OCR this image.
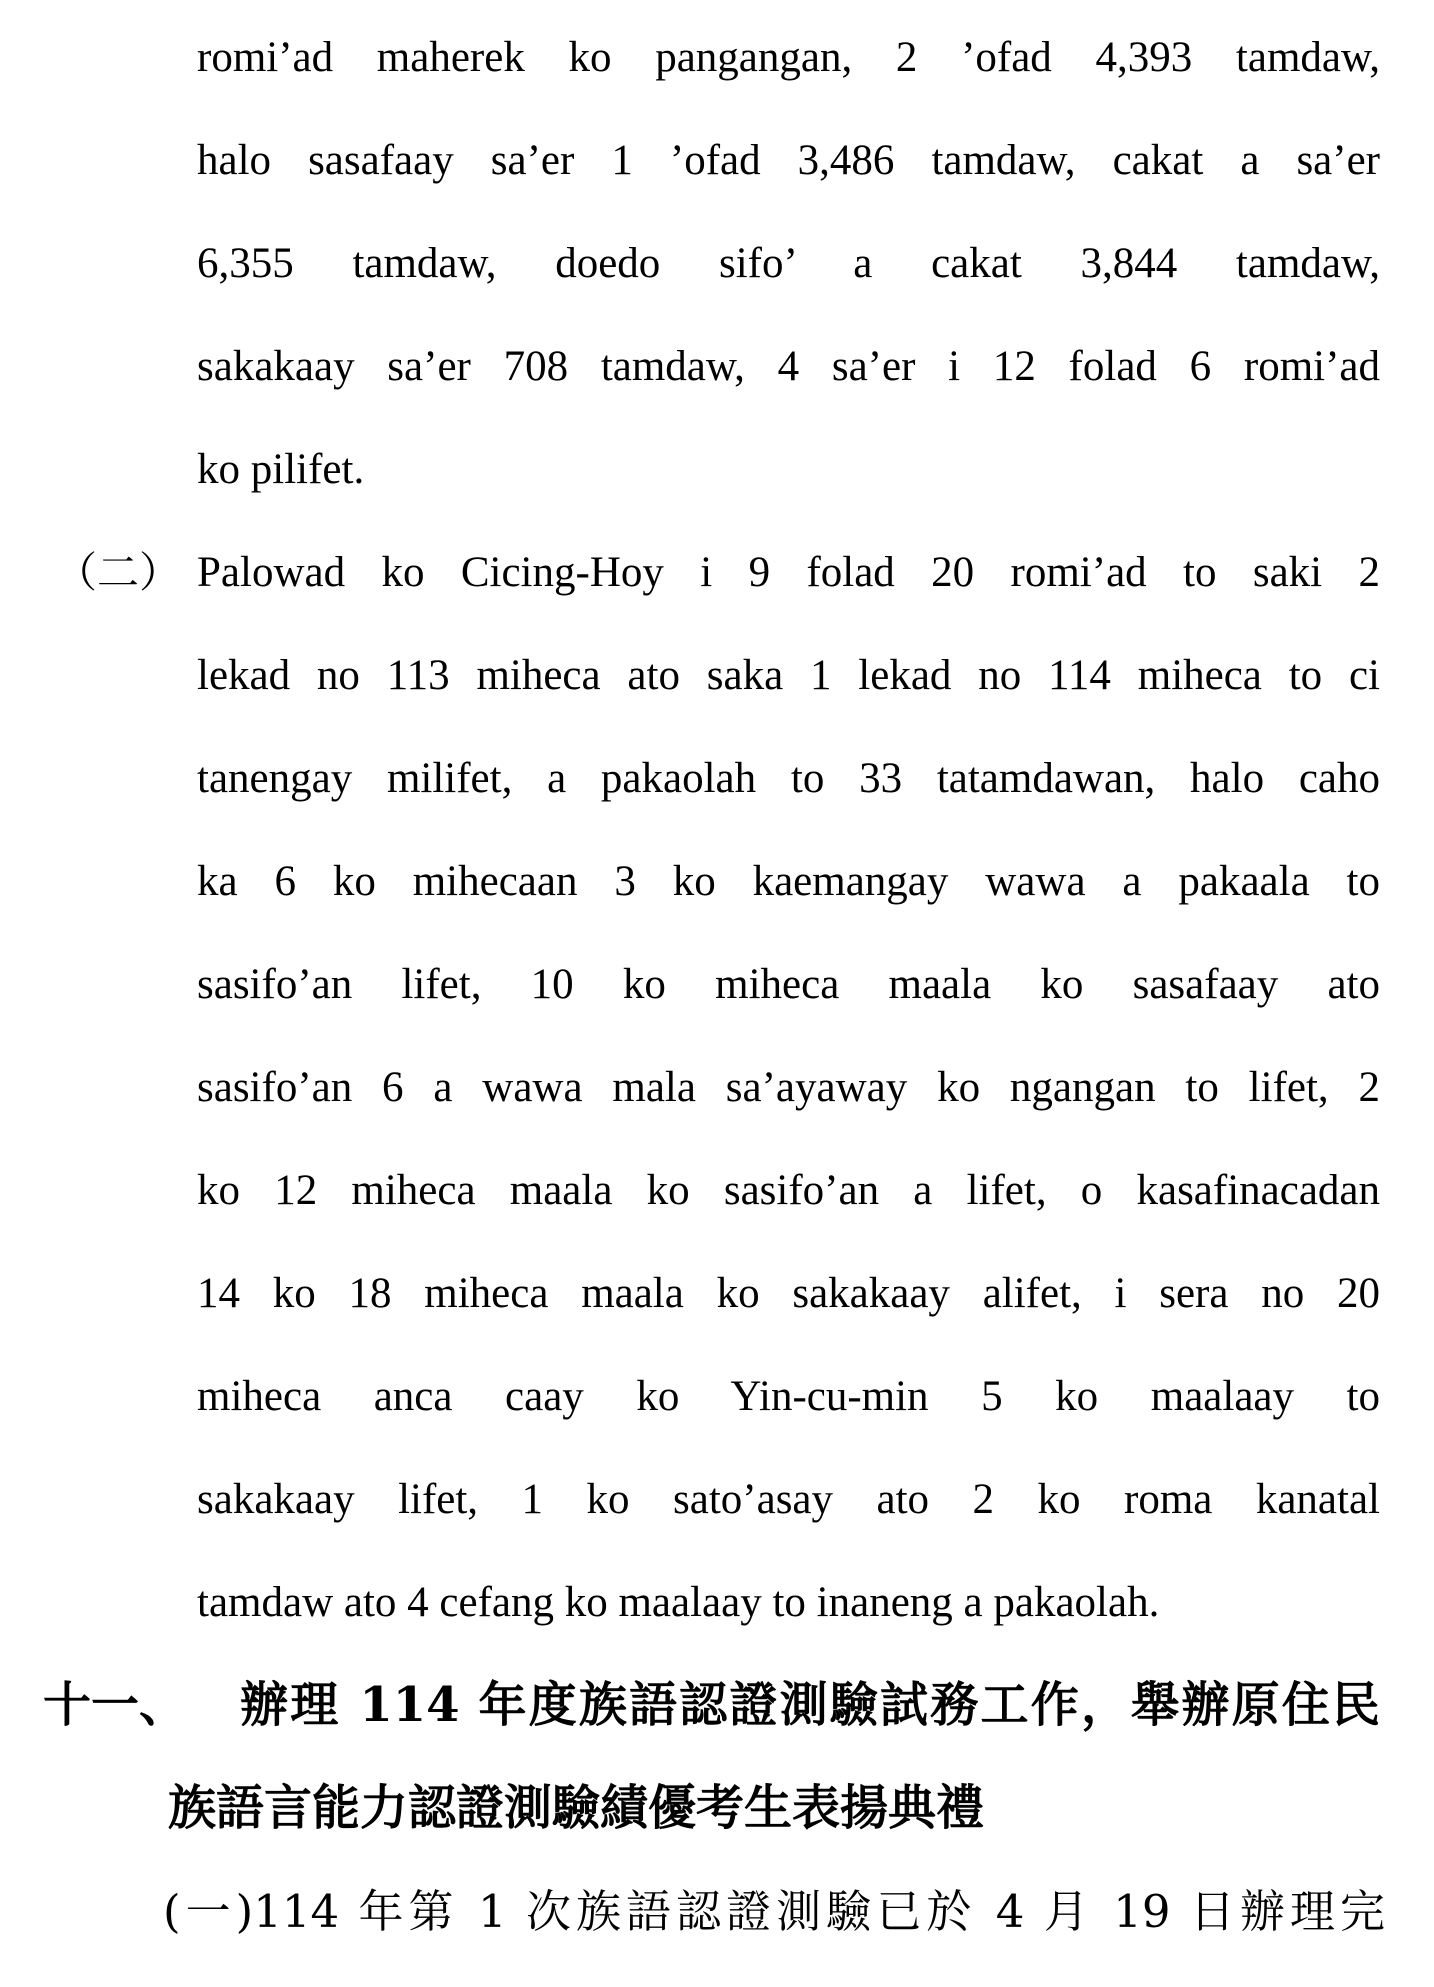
romi’ad maherek ko pangangan, 2 ’ofad 4,393 tamdaw,
halo sasafaay sa’er 1 ’ofad 3,486 tamdaw, cakat a sa’er
6,355 tamdaw, doedo sifo’ a cakat 3,844 tamdaw,
sakakaay sa’er 708 tamdaw, 4 sa’er i 12 folad 6 romi’ad
ko pilifet.
（二） Palowad ko Cicing-Hoy i 9 folad 20 romi’ad to saki 2
lekad no 113 miheca ato saka 1 lekad no 114 miheca to ci
tanengay milifet, a pakaolah to 33 tatamdawan, halo caho
ka 6 ko mihecaan 3 ko kaemangay wawa a pakaala to
sasifo’an lifet, 10 ko miheca maala ko sasafaay ato
sasifo’an 6 a wawa mala sa’ayaway ko ngangan to lifet, 2
ko 12 miheca maala ko sasifo’an a lifet, o kasafinacadan
14 ko 18 miheca maala ko sakakaay alifet, i sera no 20
miheca anca caay ko Yin-cu-min 5 ko maalaay to
sakakaay lifet, 1 ko sato’asay ato 2 ko roma kanatal
tamdaw ato 4 cefang ko maalaay to inaneng a pakaolah.
十一、 辦理 114 年度族語認證測驗試務工作，舉辦原住民
族語言能力認證測驗績優考生表揚典禮
(一)114 年第 1 次族語認證測驗已於 4 月 19 日辦理完
